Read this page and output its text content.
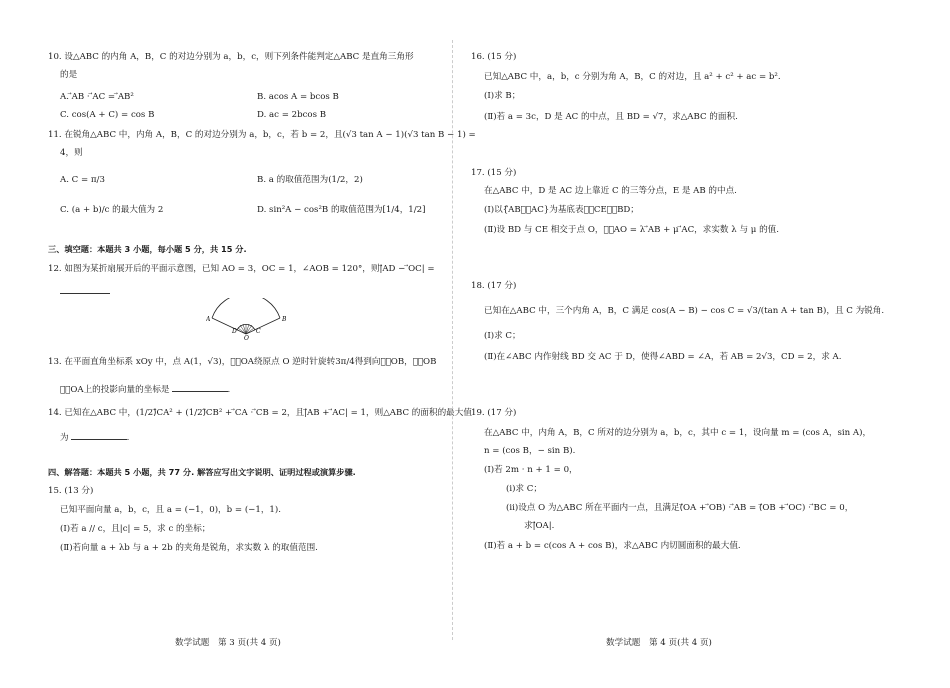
10. 设△ABC 的内角 A，B，C 的对边分别为 a，b，c，则下列条件能判定△ABC 是直角三角形
的是
A. ⃗AB · ⃗AC = ⃗AB²	B. acos A = bcos B
C. cos(A + C) = cos B	D. ac = 2bcos B
11. 在锐角△ABC 中，内角 A，B，C 的对边分别为 a，b，c，若 b = 2，且(√3 tan A − 1)(√3 tan B − 1) =
4，则
A. C = π/3	B. a 的取值范围为(1/2，2)
C. (a + b)/c 的最大值为 2	D. sin²A − cos²B 的取值范围为[1/4，1/2]
三、填空题：本题共 3 小题，每小题 5 分，共 15 分.
12. 如图为某折扇展开后的平面示意图，已知 AO = 3，OC = 1，∠AOB = 120°，则|⃗AD − ⃗OC| =
A	B
D	C
O
13. 在平面直角坐标系 xOy 中，点 A(1，√3)，将⃗OA绕原点 O 逆时针旋转3π/4得到向量⃗OB，则⃗OB
在⃗OA上的投影向量的坐标是	.
14. 已知在△ABC 中，(1/2)⃗CA² + (1/2)⃗CB² + ⃗CA · ⃗CB = 2，且|⃗AB + ⃗AC| = 1，则△ABC 的面积的最大值
为	.
四、解答题：本题共 5 小题，共 77 分. 解答应写出文字说明、证明过程或演算步骤.
15. (13 分)
已知平面向量 a，b，c，且 a = (−1，0)，b = (−1，1).
(Ⅰ)若 a // c，且|c| = 5，求 c 的坐标；
(Ⅱ)若向量 a + λb 与 a + 2b 的夹角是锐角，求实数 λ 的取值范围.
数学试题　第 3 页(共 4 页)
16. (15 分)
已知△ABC 中，a，b，c 分别为角 A，B，C 的对边，且 a² + c² + ac = b².
(Ⅰ)求 B；
(Ⅱ)若 a = 3c，D 是 AC 的中点，且 BD = √7，求△ABC 的面积.
17. (15 分)
在△ABC 中，D 是 AC 边上靠近 C 的三等分点，E 是 AB 的中点.
(Ⅰ)以{⃗AB，⃗AC}为基底表示⃗CE，⃗BD；
(Ⅱ)设 BD 与 CE 相交于点 O，若⃗AO = λ ⃗AB + μ ⃗AC，求实数 λ 与 μ 的值.
18. (17 分)
已知在△ABC 中，三个内角 A，B，C 满足 cos(A − B) − cos C = √3/(tan A + tan B)，且 C 为锐角.
(Ⅰ)求 C；
(Ⅱ)在∠ABC 内作射线 BD 交 AC 于 D，使得∠ABD = ∠A，若 AB = 2√3，CD = 2，求 A.
19. (17 分)
在△ABC 中，内角 A，B，C 所对的边分别为 a，b，c，其中 c = 1，设向量 m = (cos A，sin A)，
n = (cos B，− sin B).
(Ⅰ)若 2m · n + 1 = 0，
(ⅰ)求 C；
(ⅱ)设点 O 为△ABC 所在平面内一点，且满足(⃗OA + ⃗OB) · ⃗AB = (⃗OB + ⃗OC) · ⃗BC = 0，
求|⃗OA|.
(Ⅱ)若 a + b = c(cos A + cos B)，求△ABC 内切圆面积的最大值.
数学试题　第 4 页(共 4 页)
